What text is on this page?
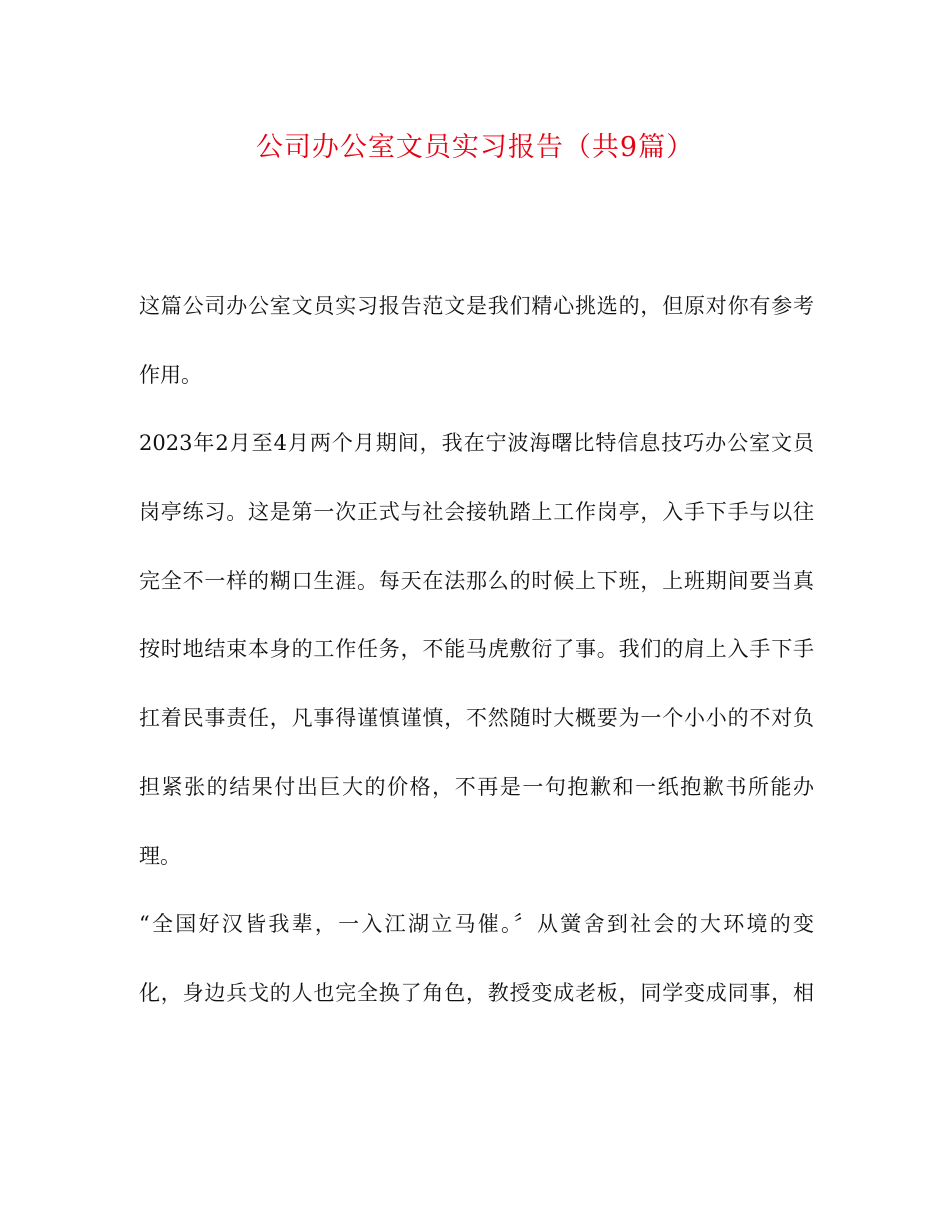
公司办公室文员实习报告（共9篇）
这篇公司办公室文员实习报告范文是我们精心挑选的，但原对你有参考
作用。
2023年2月至4月两个月期间，我在宁波海曙比特信息技巧办公室文员
岗亭练习。这是第一次正式与社会接轨踏上工作岗亭，入手下手与以往
完全不一样的糊口生涯。每天在法那么的时候上下班，上班期间要当真
按时地结束本身的工作任务，不能马虎敷衍了事。我们的肩上入手下手
扛着民事责任，凡事得谨慎谨慎，不然随时大概要为一个小小的不对负
担紧张的结果付出巨大的价格，不再是一句抱歉和一纸抱歉书所能办
理。
“全国好汉皆我辈，一入江湖立马催。〞从黉舍到社会的大环境的变
化，身边兵戈的人也完全换了角色，教授变成老板，同学变成同事，相
